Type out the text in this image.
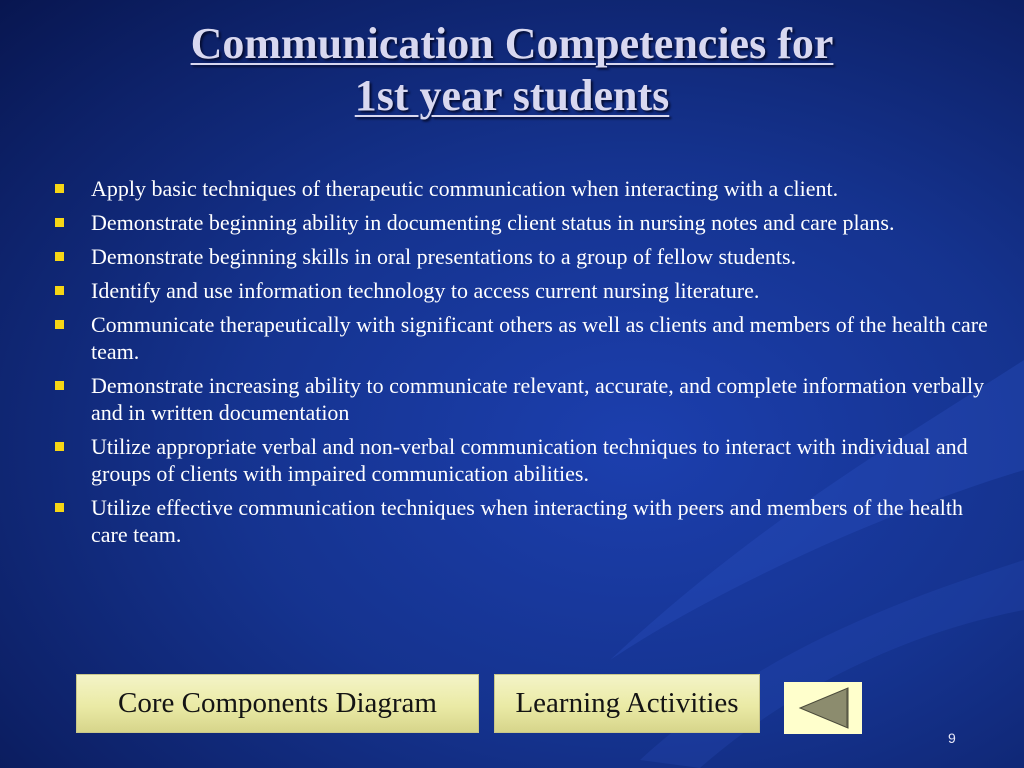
Communication Competencies for
1st year students
Apply basic techniques of therapeutic communication when interacting with a client.
Demonstrate beginning ability in documenting client status in nursing notes and care plans.
Demonstrate beginning skills in oral presentations to a group of fellow students.
Identify and use information technology to access current nursing literature.
Communicate therapeutically with significant others as well as clients and members of the health care team.
Demonstrate increasing ability to communicate relevant, accurate, and complete information verbally and in written documentation
Utilize appropriate verbal and non-verbal communication techniques to interact with individual and groups of clients with impaired communication abilities.
Utilize effective communication techniques when interacting with peers and members of the health care team.
Core Components Diagram	Learning Activities
9
